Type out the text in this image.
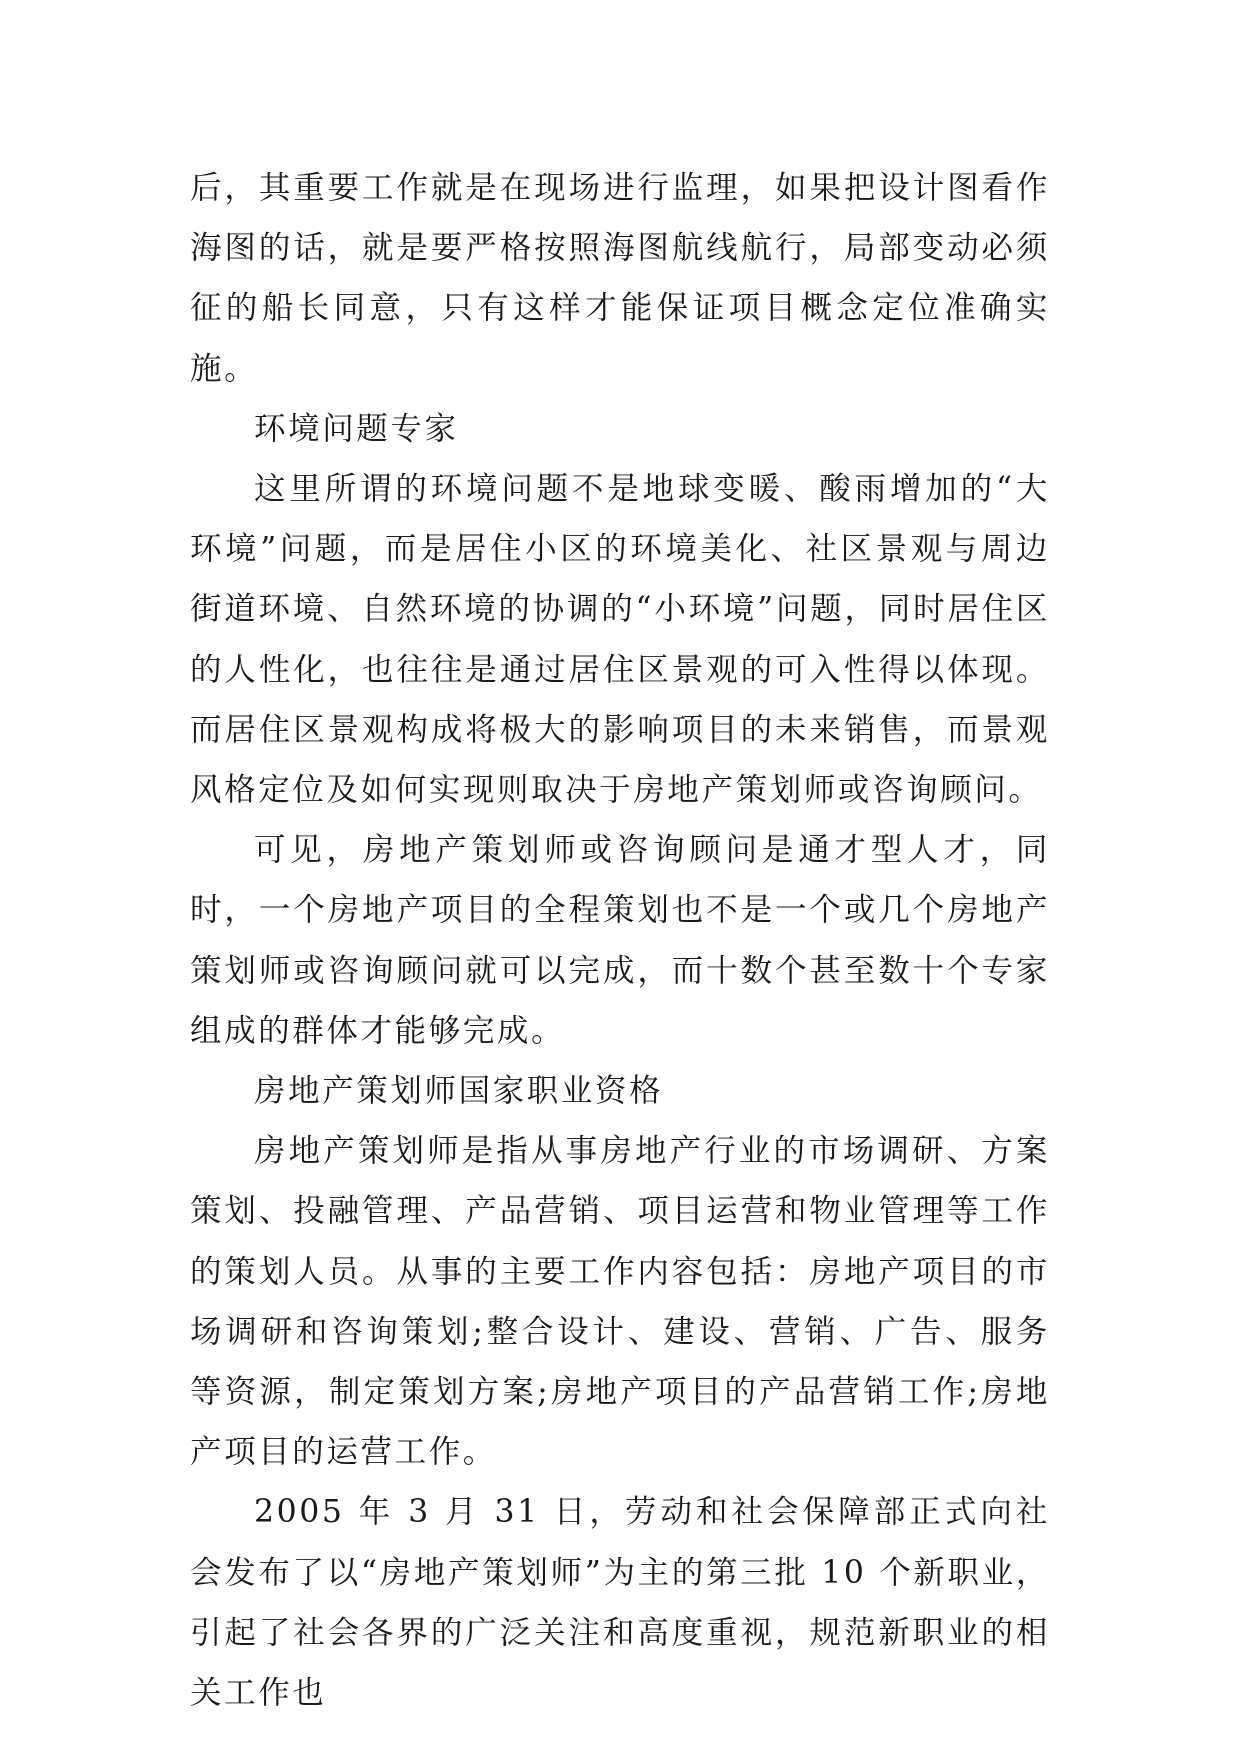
后，其重要工作就是在现场进行监理，如果把设计图看作海图的话，就是要严格按照海图航线航行，局部变动必须征的船长同意，只有这样才能保证项目概念定位准确实施。

环境问题专家

这里所谓的环境问题不是地球变暖、酸雨增加的“大环境”问题，而是居住小区的环境美化、社区景观与周边街道环境、自然环境的协调的“小环境”问题，同时居住区的人性化，也往往是通过居住区景观的可入性得以体现。而居住区景观构成将极大的影响项目的未来销售，而景观风格定位及如何实现则取决于房地产策划师或咨询顾问。

可见，房地产策划师或咨询顾问是通才型人才，同时，一个房地产项目的全程策划也不是一个或几个房地产策划师或咨询顾问就可以完成，而十数个甚至数十个专家组成的群体才能够完成。

房地产策划师国家职业资格

房地产策划师是指从事房地产行业的市场调研、方案策划、投融管理、产品营销、项目运营和物业管理等工作的策划人员。从事的主要工作内容包括：房地产项目的市场调研和咨询策划;整合设计、建设、营销、广告、服务等资源，制定策划方案;房地产项目的产品营销工作;房地产项目的运营工作。

2005 年 3 月 31 日，劳动和社会保障部正式向社会发布了以“房地产策划师”为主的第三批 10 个新职业，引起了社会各界的广泛关注和高度重视，规范新职业的相关工作也
